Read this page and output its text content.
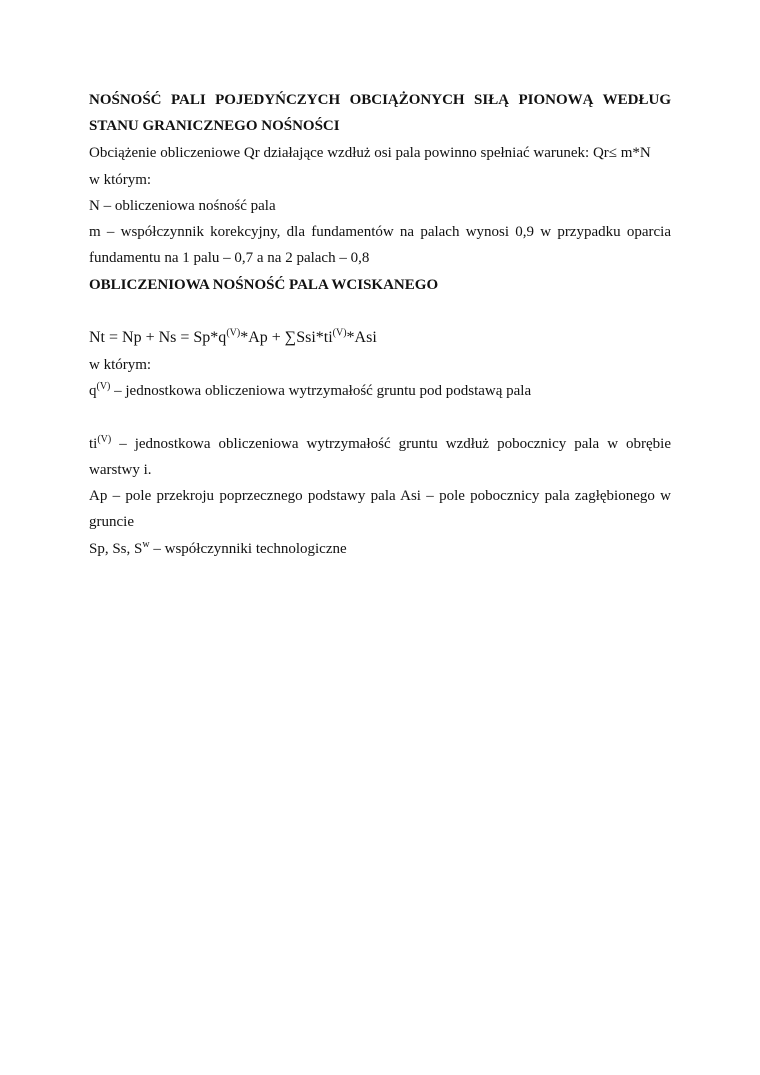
NOŚNOŚĆ PALI POJEDYŃCZYCH OBCIĄŻONYCH SIŁĄ PIONOWĄ WEDŁUG
STANU GRANICZNEGO NOŚNOŚCI
Obciążenie obliczeniowe Qr działające wzdłuż osi pala powinno spełniać warunek: Qr≤ m*N
w którym:
N – obliczeniowa nośność pala
m – współczynnik korekcyjny, dla fundamentów na palach wynosi 0,9 w przypadku oparcia
fundamentu na 1 palu – 0,7 a na 2 palach – 0,8
OBLICZENIOWA NOŚNOŚĆ PALA WCISKANEGO
$Nt = Np + Ns = Sp*q^{(V)}*Ap + \sum Ssi*ti^{(V)}*Asi$
w którym:
$q^{(V)}$ – jednostkowa obliczeniowa wytrzymałość gruntu pod podstawą pala
$ti^{(V)}$ – jednostkowa obliczeniowa wytrzymałość gruntu wzdłuż pobocznicy pala w obrębie
warstwy i.
Ap – pole przekroju poprzecznego podstawy pala Asi – pole pobocznicy pala zagłębionego w
gruncie
Sp, Ss, $S^w$ – współczynniki technologiczne
